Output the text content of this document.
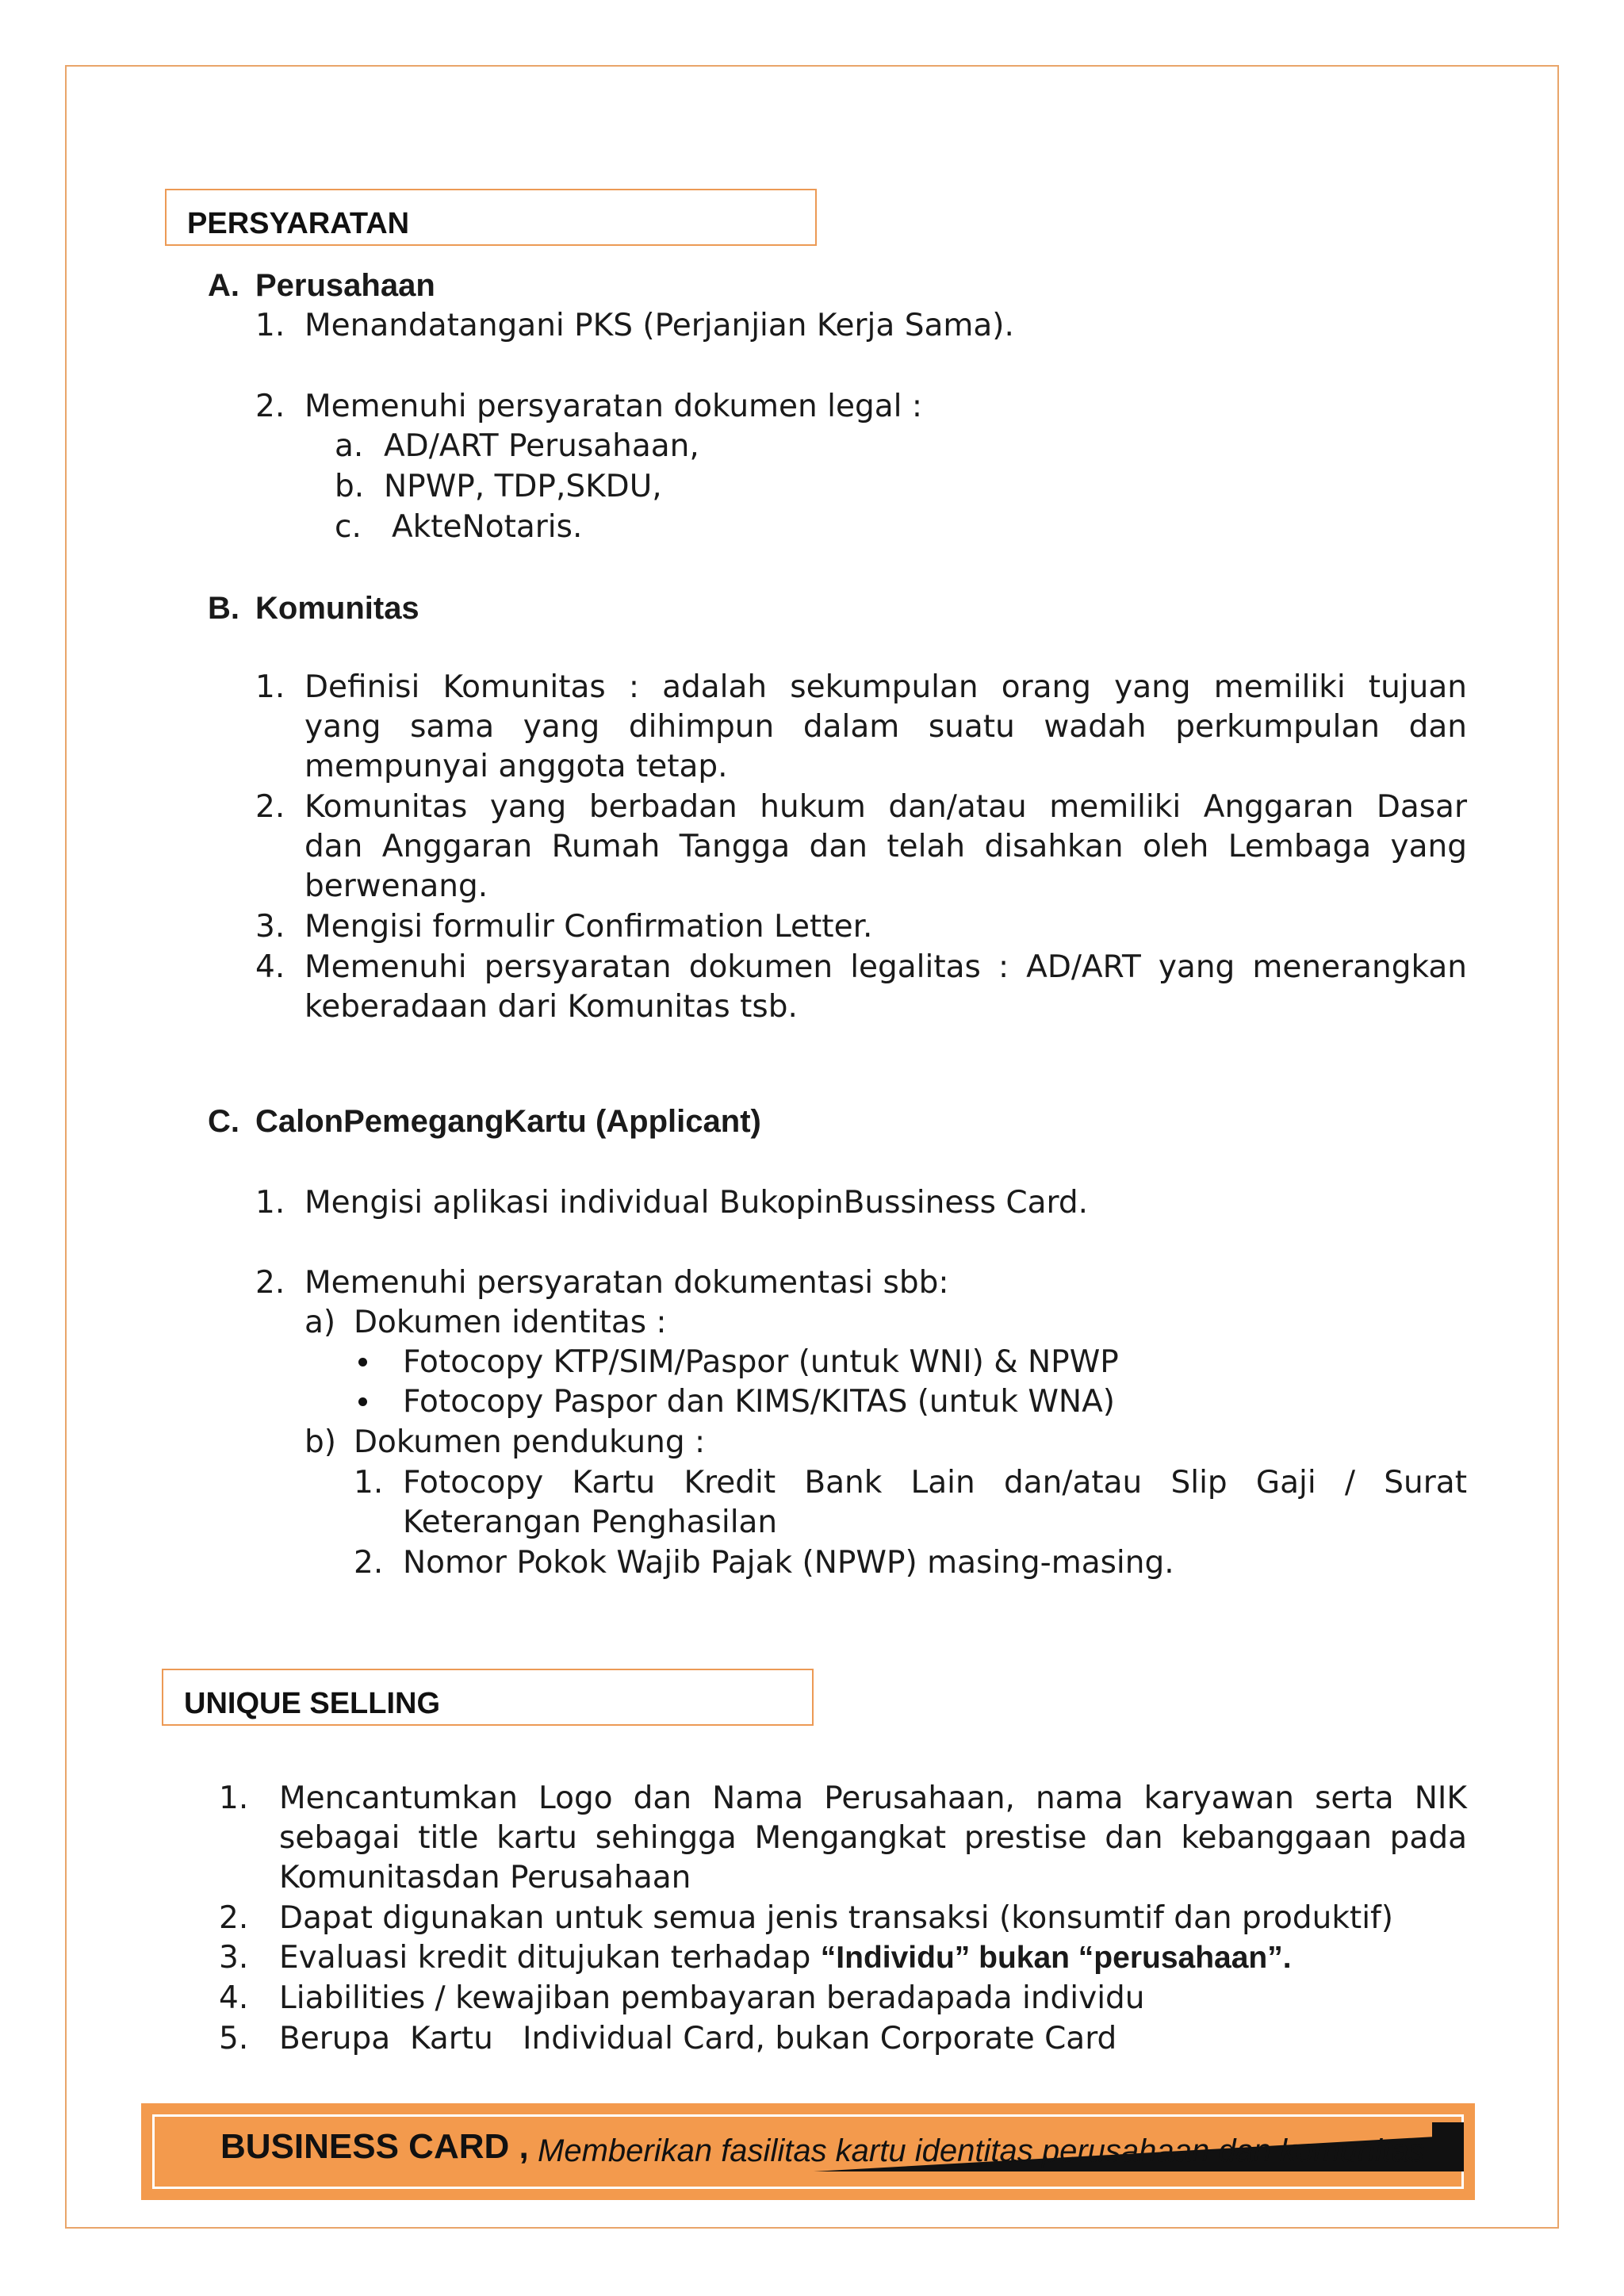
PERSYARATAN
A. Perusahaan
1. Menandatangani PKS (Perjanjian Kerja Sama).
2. Memenuhi persyaratan dokumen legal :
a. AD/ART Perusahaan,
b. NPWP, TDP,SKDU,
c. AkteNotaris.
B. Komunitas
1. Definisi Komunitas : adalah sekumpulan orang yang memiliki tujuan
yang sama yang dihimpun dalam suatu wadah perkumpulan dan
mempunyai anggota tetap.
2. Komunitas yang berbadan hukum dan/atau memiliki Anggaran Dasar
dan Anggaran Rumah Tangga dan telah disahkan oleh Lembaga yang
berwenang.
3. Mengisi formulir Confirmation Letter.
4. Memenuhi persyaratan dokumen legalitas : AD/ART yang menerangkan
keberadaan dari Komunitas tsb.
C. CalonPemegangKartu (Applicant)
1. Mengisi aplikasi individual BukopinBussiness Card.
2. Memenuhi persyaratan dokumentasi sbb:
a) Dokumen identitas :
Fotocopy KTP/SIM/Paspor (untuk WNI) & NPWP
Fotocopy Paspor dan KIMS/KITAS (untuk WNA)
b) Dokumen pendukung :
1. Fotocopy Kartu Kredit Bank Lain dan/atau Slip Gaji / Surat
Keterangan Penghasilan
2. Nomor Pokok Wajib Pajak (NPWP) masing-masing.
UNIQUE SELLING
1. Mencantumkan Logo dan Nama Perusahaan, nama karyawan serta NIK
sebagai title kartu sehingga Mengangkat prestise dan kebanggaan pada
Komunitasdan Perusahaan
2. Dapat digunakan untuk semua jenis transaksi (konsumtif dan produktif)
3. Evaluasi kredit ditujukan terhadap “Individu” bukan “perusahaan”.
4. Liabilities / kewajiban pembayaran beradapada individu
5. Berupa  Kartu   Individual Card, bukan Corporate Card
BUSINESS CARD , Memberikan fasilitas kartu identitas perusahaan dan komunitas
